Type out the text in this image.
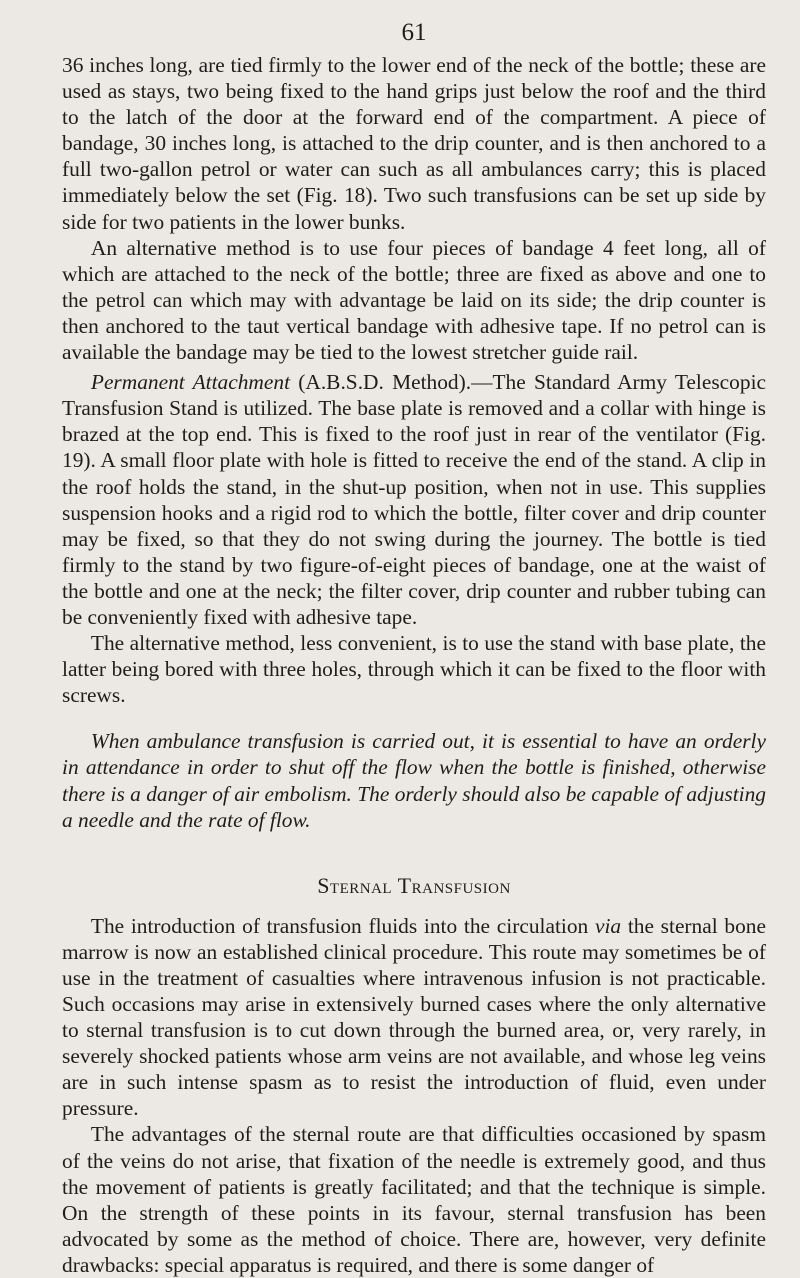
61

36 inches long, are tied firmly to the lower end of the neck of the bottle; these are used as stays, two being fixed to the hand grips just below the roof and the third to the latch of the door at the forward end of the compartment. A piece of bandage, 30 inches long, is attached to the drip counter, and is then anchored to a full two-gallon petrol or water can such as all ambulances carry; this is placed immediately below the set (Fig. 18). Two such transfusions can be set up side by side for two patients in the lower bunks.

An alternative method is to use four pieces of bandage 4 feet long, all of which are attached to the neck of the bottle; three are fixed as above and one to the petrol can which may with advantage be laid on its side; the drip counter is then anchored to the taut vertical bandage with adhesive tape. If no petrol can is available the bandage may be tied to the lowest stretcher guide rail.

Permanent Attachment (A.B.S.D. Method).—The Standard Army Telescopic Transfusion Stand is utilized. The base plate is removed and a collar with hinge is brazed at the top end. This is fixed to the roof just in rear of the ventilator (Fig. 19). A small floor plate with hole is fitted to receive the end of the stand. A clip in the roof holds the stand, in the shut-up position, when not in use. This supplies suspension hooks and a rigid rod to which the bottle, filter cover and drip counter may be fixed, so that they do not swing during the journey. The bottle is tied firmly to the stand by two figure-of-eight pieces of bandage, one at the waist of the bottle and one at the neck; the filter cover, drip counter and rubber tubing can be conveniently fixed with adhesive tape.

The alternative method, less convenient, is to use the stand with base plate, the latter being bored with three holes, through which it can be fixed to the floor with screws.

When ambulance transfusion is carried out, it is essential to have an orderly in attendance in order to shut off the flow when the bottle is finished, otherwise there is a danger of air embolism. The orderly should also be capable of adjusting a needle and the rate of flow.

Sternal Transfusion

The introduction of transfusion fluids into the circulation via the sternal bone marrow is now an established clinical procedure. This route may sometimes be of use in the treatment of casualties where intravenous infusion is not practicable. Such occasions may arise in extensively burned cases where the only alternative to sternal transfusion is to cut down through the burned area, or, very rarely, in severely shocked patients whose arm veins are not available, and whose leg veins are in such intense spasm as to resist the introduction of fluid, even under pressure.

The advantages of the sternal route are that difficulties occasioned by spasm of the veins do not arise, that fixation of the needle is extremely good, and thus the movement of patients is greatly facilitated; and that the technique is simple. On the strength of these points in its favour, sternal transfusion has been advocated by some as the method of choice. There are, however, very definite drawbacks: special apparatus is required, and there is some danger of
